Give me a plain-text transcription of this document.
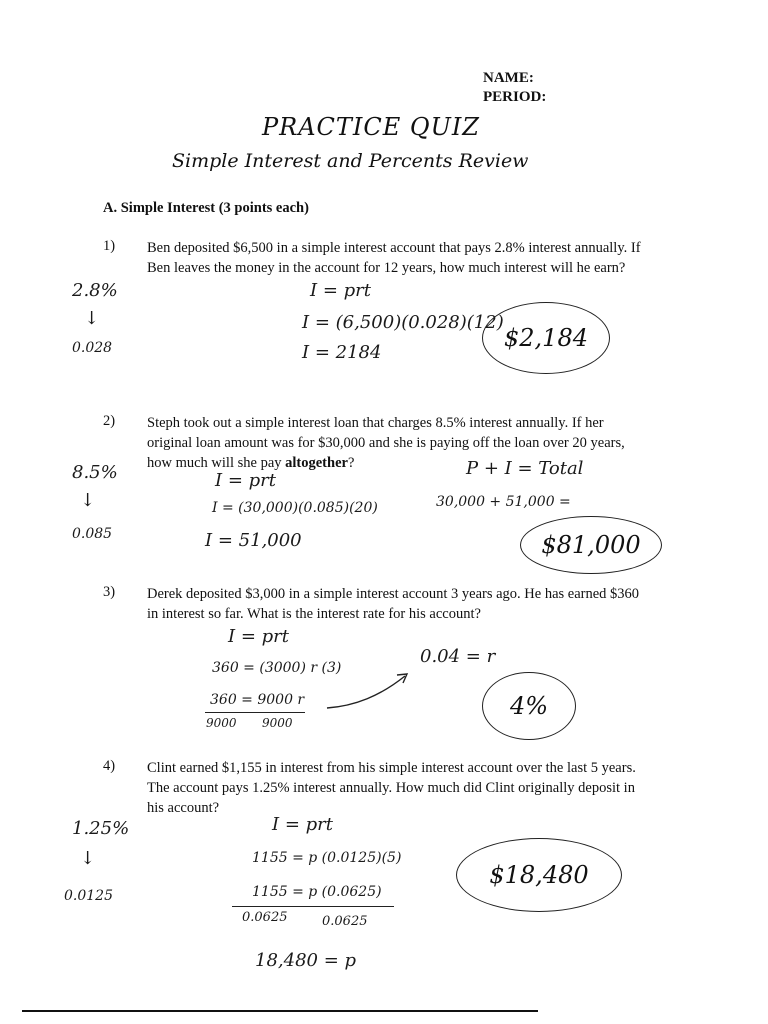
NAME:
PERIOD:
PRACTICE QUIZ
Simple Interest and Percents Review
A. Simple Interest (3 points each)
1) Ben deposited $6,500 in a simple interest account that pays 2.8% interest annually. If Ben leaves the money in the account for 12 years, how much interest will he earn?
2.8%
↓
0.028
I = prt
I = (6,500)(0.028)(12)
I = 2184
$2,184
2) Steph took out a simple interest loan that charges 8.5% interest annually. If her original loan amount was for $30,000 and she is paying off the loan over 20 years, how much will she pay altogether?
8.5%
↓
0.085
I = prt
I = (30,000)(0.085)(20)
I = 51,000
P + I = Total
30,000 + 51,000 =
$81,000
3) Derek deposited $3,000 in a simple interest account 3 years ago. He has earned $360 in interest so far. What is the interest rate for his account?
I = prt
360 = (3000) r (3)
360 = 9000 r
9000 9000
0.04 = r
4%
4) Clint earned $1,155 in interest from his simple interest account over the last 5 years. The account pays 1.25% interest annually. How much did Clint originally deposit in his account?
1.25%
↓
0.0125
I = prt
1155 = p (0.0125)(5)
1155 = p (0.0625)
0.0625	0.0625
18,480 = p
$18,480
